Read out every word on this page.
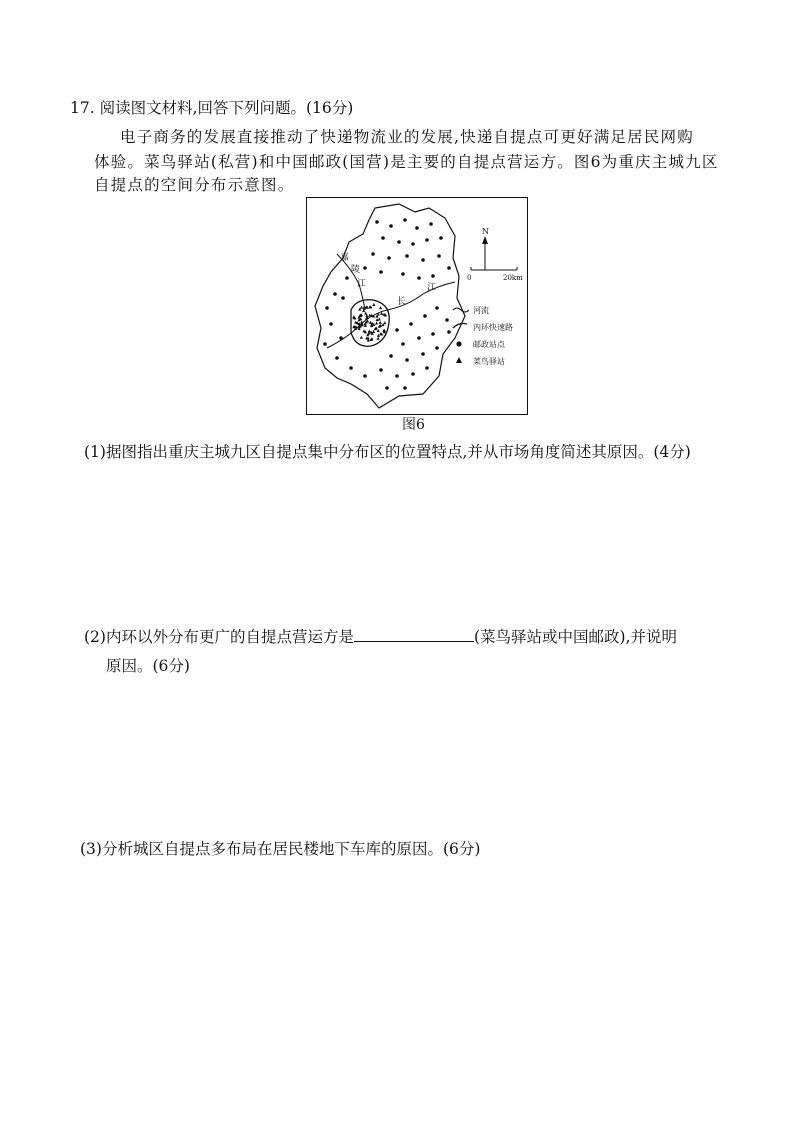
17. 阅读图文材料,回答下列问题。(16分)
电子商务的发展直接推动了快递物流业的发展,快递自提点可更好满足居民网购
体验。菜鸟驿站(私营)和中国邮政(国营)是主要的自提点营运方。图6为重庆主城九区
自提点的空间分布示意图。
嘉
陵
江
长
江
N
0	20km
河流
内环快速路
邮政站点
菜鸟驿站
图6
(1)据图指出重庆主城九区自提点集中分布区的位置特点,并从市场角度简述其原因。(4分)
(2)内环以外分布更广的自提点营运方是	(菜鸟驿站或中国邮政),并说明
原因。(6分)
(3)分析城区自提点多布局在居民楼地下车库的原因。(6分)
